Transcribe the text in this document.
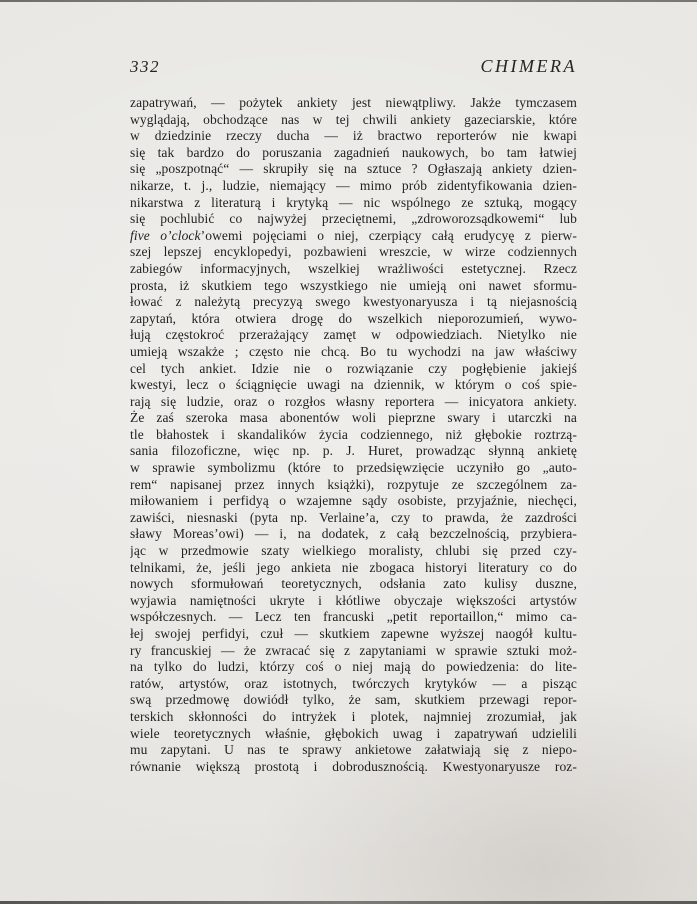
332	CHIMERA
zapatrywań, — pożytek ankiety jest niewątpliwy. Jakże tymczasem
wyglądają, obchodzące nas w tej chwili ankiety gazeciarskie, które
w dziedzinie rzeczy ducha — iż bractwo reporterów nie kwapi
się tak bardzo do poruszania zagadnień naukowych, bo tam łatwiej
się „poszpotnąć“ — skrupiły się na sztuce ? Ogłaszają ankiety dzien-
nikarze, t. j., ludzie, niemający — mimo prób zidentyfikowania dzien-
nikarstwa z literaturą i krytyką — nic wspólnego ze sztuką, mogący
się pochlubić co najwyżej przeciętnemi, „zdroworozsądkowemi“ lub
five o’clock’owemi pojęciami o niej, czerpiący całą erudycyę z pierw-
szej lepszej encyklopedyi, pozbawieni wreszcie, w wirze codziennych
zabiegów informacyjnych, wszelkiej wrażliwości estetycznej. Rzecz
prosta, iż skutkiem tego wszystkiego nie umieją oni nawet sformu-
łować z należytą precyzyą swego kwestyonaryusza i tą niejasnością
zapytań, która otwiera drogę do wszelkich nieporozumień, wywo-
łują częstokroć przerażający zamęt w odpowiedziach. Nietylko nie
umieją wszakże ; często nie chcą. Bo tu wychodzi na jaw właściwy
cel tych ankiet. Idzie nie o rozwiązanie czy pogłębienie jakiejś
kwestyi, lecz o ściągnięcie uwagi na dziennik, w którym o coś spie-
rają się ludzie, oraz o rozgłos własny reportera — inicyatora ankiety.
Że zaś szeroka masa abonentów woli pieprzne swary i utarczki na
tle błahostek i skandalików życia codziennego, niż głębokie roztrzą-
sania filozoficzne, więc np. p. J. Huret, prowadząc słynną ankietę
w sprawie symbolizmu (które to przedsięwzięcie uczyniło go „auto-
rem“ napisanej przez innych książki), rozpytuje ze szczególnem za-
miłowaniem i perfidyą o wzajemne sądy osobiste, przyjaźnie, niechęci,
zawiści, niesnaski (pyta np. Verlaine’a, czy to prawda, że zazdrości
sławy Moreas’owi) — i, na dodatek, z całą bezczelnością, przybiera-
jąc w przedmowie szaty wielkiego moralisty, chlubi się przed czy-
telnikami, że, jeśli jego ankieta nie zbogaca historyi literatury co do
nowych sformułowań teoretycznych, odsłania zato kulisy duszne,
wyjawia namiętności ukryte i kłótliwe obyczaje większości artystów
współczesnych. — Lecz ten francuski „petit reportaillon,“ mimo ca-
łej swojej perfidyi, czuł — skutkiem zapewne wyższej naogół kultu-
ry francuskiej — że zwracać się z zapytaniami w sprawie sztuki moż-
na tylko do ludzi, którzy coś o niej mają do powiedzenia: do lite-
ratów, artystów, oraz istotnych, twórczych krytyków — a pisząc
swą przedmowę dowiódł tylko, że sam, skutkiem przewagi repor-
terskich skłonności do intryżek i plotek, najmniej zrozumiał, jak
wiele teoretycznych właśnie, głębokich uwag i zapatrywań udzielili
mu zapytani. U nas te sprawy ankietowe załatwiają się z niepo-
równanie większą prostotą i dobrodusznością. Kwestyonaryusze roz-
